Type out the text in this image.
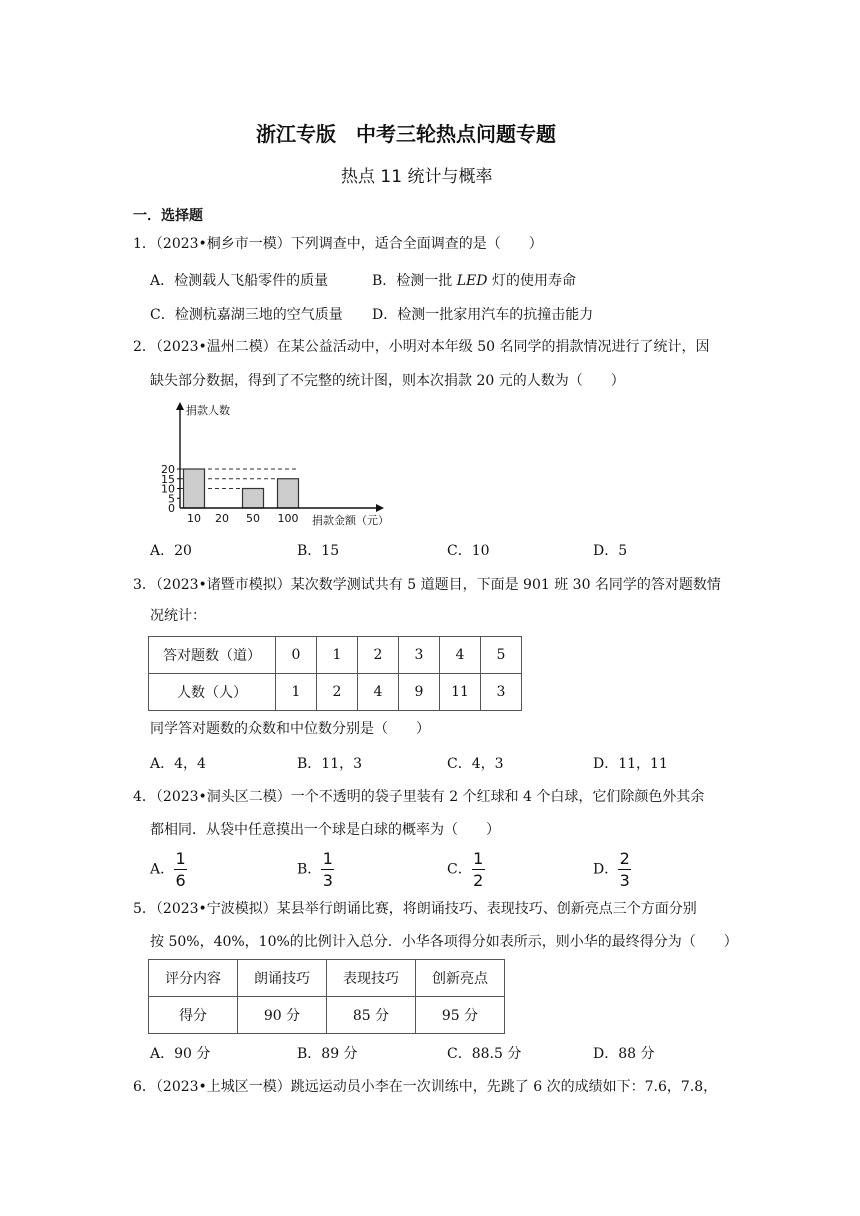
浙江专版　中考三轮热点问题专题
热点 11 统计与概率
一．选择题
1．（2023•桐乡市一模）下列调查中，适合全面调查的是（　　）
A．检测载人飞船零件的质量	B．检测一批 LED 灯的使用寿命
C．检测杭嘉湖三地的空气质量 D．检测一批家用汽车的抗撞击能力
2．（2023•温州二模）在某公益活动中，小明对本年级 50 名同学的捐款情况进行了统计，因
缺失部分数据，得到了不完整的统计图，则本次捐款 20 元的人数为（　　）
0
5
10
15
20
10 20 50 100
捐款人数
捐款金额（元）
A．20	B．15	C．10	D．5
3．（2023•诸暨市模拟）某次数学测试共有 5 道题目，下面是 901 班 30 名同学的答对题数情
况统计：
答对题数（道）	0	1	2	3	4	5
人数（人）	1	2	4	9	11	3
同学答对题数的众数和中位数分别是（　　）
A．4，4	B．11，3	C．4，3	D．11，11
4．（2023•洞头区二模）一个不透明的袋子里装有 2 个红球和 4 个白球，它们除颜色外其余
都相同．从袋中任意摸出一个球是白球的概率为（　　）
A． $\frac{1}{6}$	B． $\frac{1}{3}$	C． $\frac{1}{2}$	D． $\frac{2}{3}$
5．（2023•宁波模拟）某县举行朗诵比赛，将朗诵技巧、表现技巧、创新亮点三个方面分别
按 50%，40%，10%的比例计入总分．小华各项得分如表所示，则小华的最终得分为（　　）
评分内容	朗诵技巧	表现技巧	创新亮点
得分	90 分	85 分	95 分
A．90 分	B．89 分	C．88.5 分	D．88 分
6．（2023•上城区一模）跳远运动员小李在一次训练中，先跳了 6 次的成绩如下：7.6，7.8，
